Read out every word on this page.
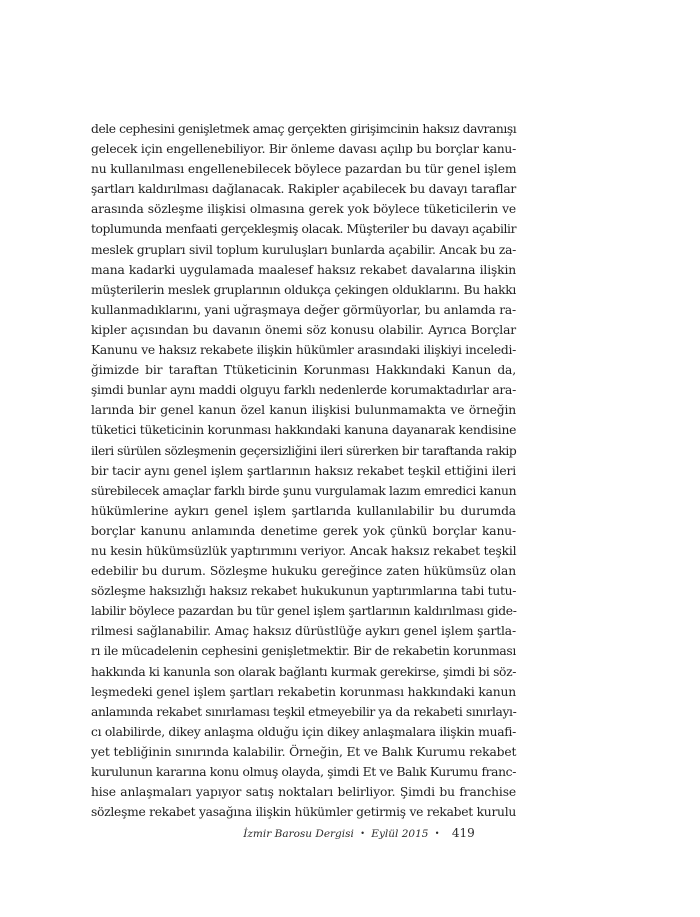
dele cephesini genişletmek amaç gerçekten girişimcinin haksız davranışı
gelecek için engellenebiliyor. Bir önleme davası açılıp bu borçlar kanu-
nu kullanılması engellenebilecek böylece pazardan bu tür genel işlem
şartları kaldırılması dağlanacak. Rakipler açabilecek bu davayı taraflar
arasında sözleşme ilişkisi olmasına gerek yok böylece tüketicilerin ve
toplumunda menfaati gerçekleşmiş olacak. Müşteriler bu davayı açabilir
meslek grupları sivil toplum kuruluşları bunlarda açabilir. Ancak bu za-
mana kadarki uygulamada maalesef haksız rekabet davalarına ilişkin
müşterilerin meslek gruplarının oldukça çekingen olduklarını. Bu hakkı
kullanmadıklarını, yani uğraşmaya değer görmüyorlar, bu anlamda ra-
kipler açısından bu davanın önemi söz konusu olabilir. Ayrıca Borçlar
Kanunu ve haksız rekabete ilişkin hükümler arasındaki ilişkiyi inceledi-
ğimizde bir taraftan Ttüketicinin Korunması Hakkındaki Kanun da,
şimdi bunlar aynı maddi olguyu farklı nedenlerde korumaktadırlar ara-
larında bir genel kanun özel kanun ilişkisi bulunmamakta ve örneğin
tüketici tüketicinin korunması hakkındaki kanuna dayanarak kendisine
ileri sürülen sözleşmenin geçersizliğini ileri sürerken bir taraftanda rakip
bir tacir aynı genel işlem şartlarının haksız rekabet teşkil ettiğini ileri
sürebilecek amaçlar farklı birde şunu vurgulamak lazım emredici kanun
hükümlerine aykırı genel işlem şartlarıda kullanılabilir bu durumda
borçlar kanunu anlamında denetime gerek yok çünkü borçlar kanu-
nu kesin hükümsüzlük yaptırımını veriyor. Ancak haksız rekabet teşkil
edebilir bu durum. Sözleşme hukuku gereğince zaten hükümsüz olan
sözleşme haksızlığı haksız rekabet hukukunun yaptırımlarına tabi tutu-
labilir böylece pazardan bu tür genel işlem şartlarının kaldırılması gide-
rilmesi sağlanabilir. Amaç haksız dürüstlüğe aykırı genel işlem şartla-
rı ile mücadelenin cephesini genişletmektir. Bir de rekabetin korunması
hakkında ki kanunla son olarak bağlantı kurmak gerekirse, şimdi bi söz-
leşmedeki genel işlem şartları rekabetin korunması hakkındaki kanun
anlamında rekabet sınırlaması teşkil etmeyebilir ya da rekabeti sınırlayı-
cı olabilirde, dikey anlaşma olduğu için dikey anlaşmalara ilişkin muafi-
yet tebliğinin sınırında kalabilir. Örneğin, Et ve Balık Kurumu rekabet
kurulunun kararına konu olmuş olayda, şimdi Et ve Balık Kurumu franc-
hise anlaşmaları yapıyor satış noktaları belirliyor. Şimdi bu franchise
sözleşme rekabet yasağına ilişkin hükümler getirmiş ve rekabet kurulu
İzmir Barosu Dergisi • Eylül 2015 • 419
